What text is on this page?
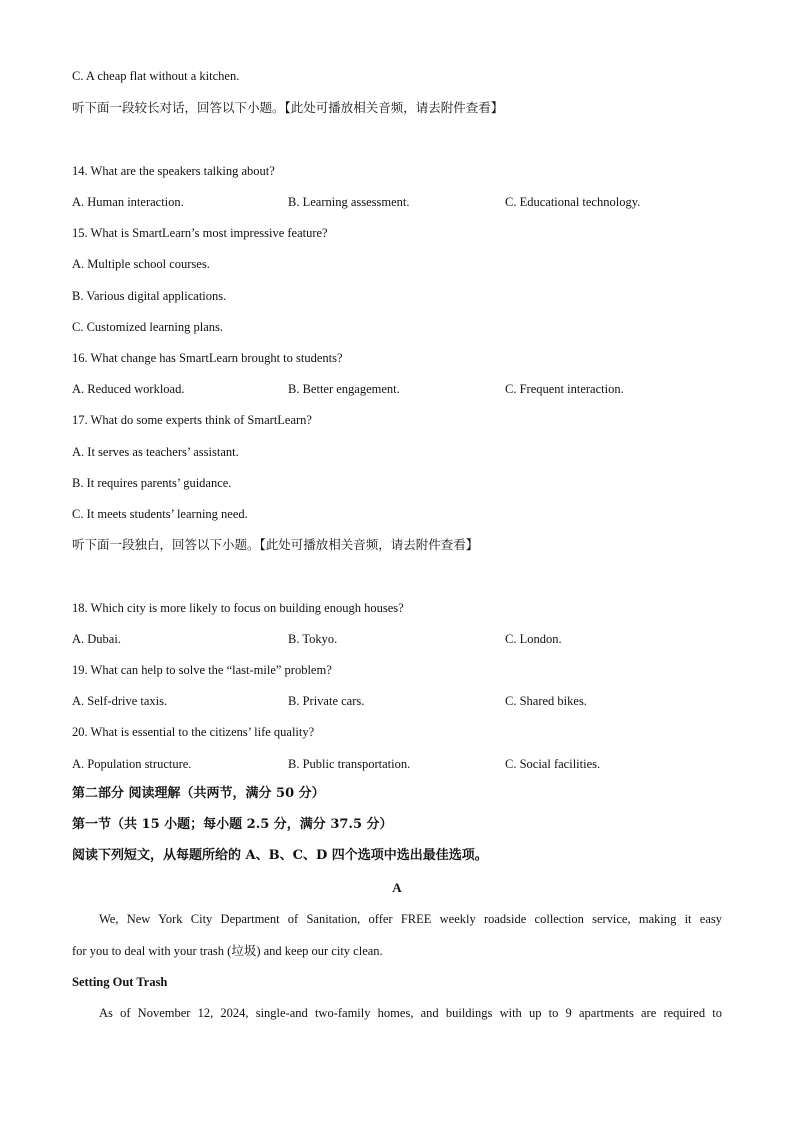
C. A cheap flat without a kitchen.
听下面一段较长对话，回答以下小题。【此处可播放相关音频，请去附件查看】
14. What are the speakers talking about?
A. Human interaction.	B. Learning assessment.	C. Educational technology.
15. What is SmartLearn’s most impressive feature?
A. Multiple school courses.
B. Various digital applications.
C. Customized learning plans.
16. What change has SmartLearn brought to students?
A. Reduced workload.	B. Better engagement.	C. Frequent interaction.
17. What do some experts think of SmartLearn?
A. It serves as teachers’ assistant.
B. It requires parents’ guidance.
C. It meets students’ learning need.
听下面一段独白，回答以下小题。【此处可播放相关音频，请去附件查看】
18. Which city is more likely to focus on building enough houses?
A. Dubai.	B. Tokyo.	C. London.
19. What can help to solve the “last-mile” problem?
A. Self-drive taxis.	B. Private cars.	C. Shared bikes.
20. What is essential to the citizens’ life quality?
A. Population structure.	B. Public transportation.	C. Social facilities.
第二部分 阅读理解（共两节，满分 50 分）
第一节（共 15 小题；每小题 2.5 分，满分 37.5 分）
阅读下列短文，从每题所给的 A、B、C、D 四个选项中选出最佳选项。
A
We, New York City Department of Sanitation, offer FREE weekly roadside collection service, making it easy
for you to deal with your trash (垃圾) and keep our city clean.
Setting Out Trash
As of November 12, 2024, single-and two-family homes, and buildings with up to 9 apartments are required to
